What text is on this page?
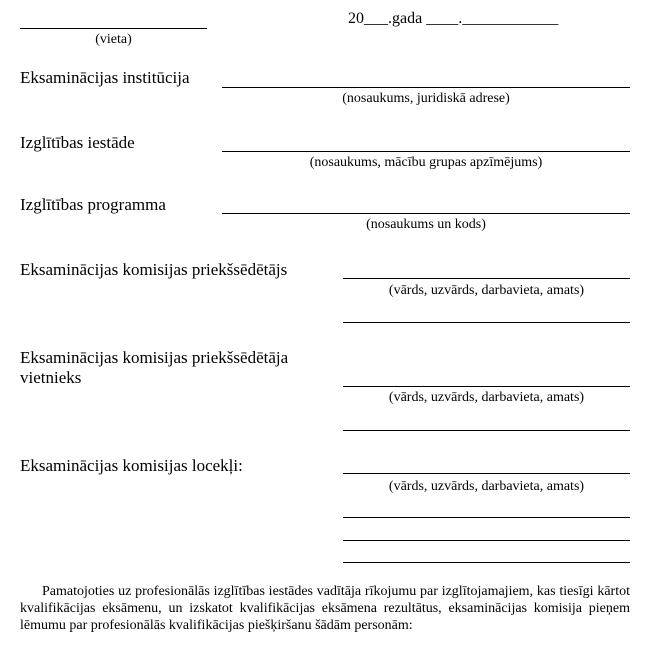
(vieta)
20___.gada ____.____________
Eksaminācijas institūcija
(nosaukums, juridiskā adrese)
Izglītības iestāde
(nosaukums, mācību grupas apzīmējums)
Izglītības programma
(nosaukums un kods)
Eksaminācijas komisijas priekšsēdētājs
(vārds, uzvārds, darbavieta, amats)
Eksaminācijas komisijas priekšsēdētāja
vietnieks
(vārds, uzvārds, darbavieta, amats)
Eksaminācijas komisijas locekļi:
(vārds, uzvārds, darbavieta, amats)
Pamatojoties uz profesionālās izglītības iestādes vadītāja rīkojumu par izglītojamajiem, kas tiesīgi kārtot kvalifikācijas eksāmenu, un izskatot kvalifikācijas eksāmena rezultātus, eksaminācijas komisija pieņem lēmumu par profesionālās kvalifikācijas piešķiršanu šādām personām:
